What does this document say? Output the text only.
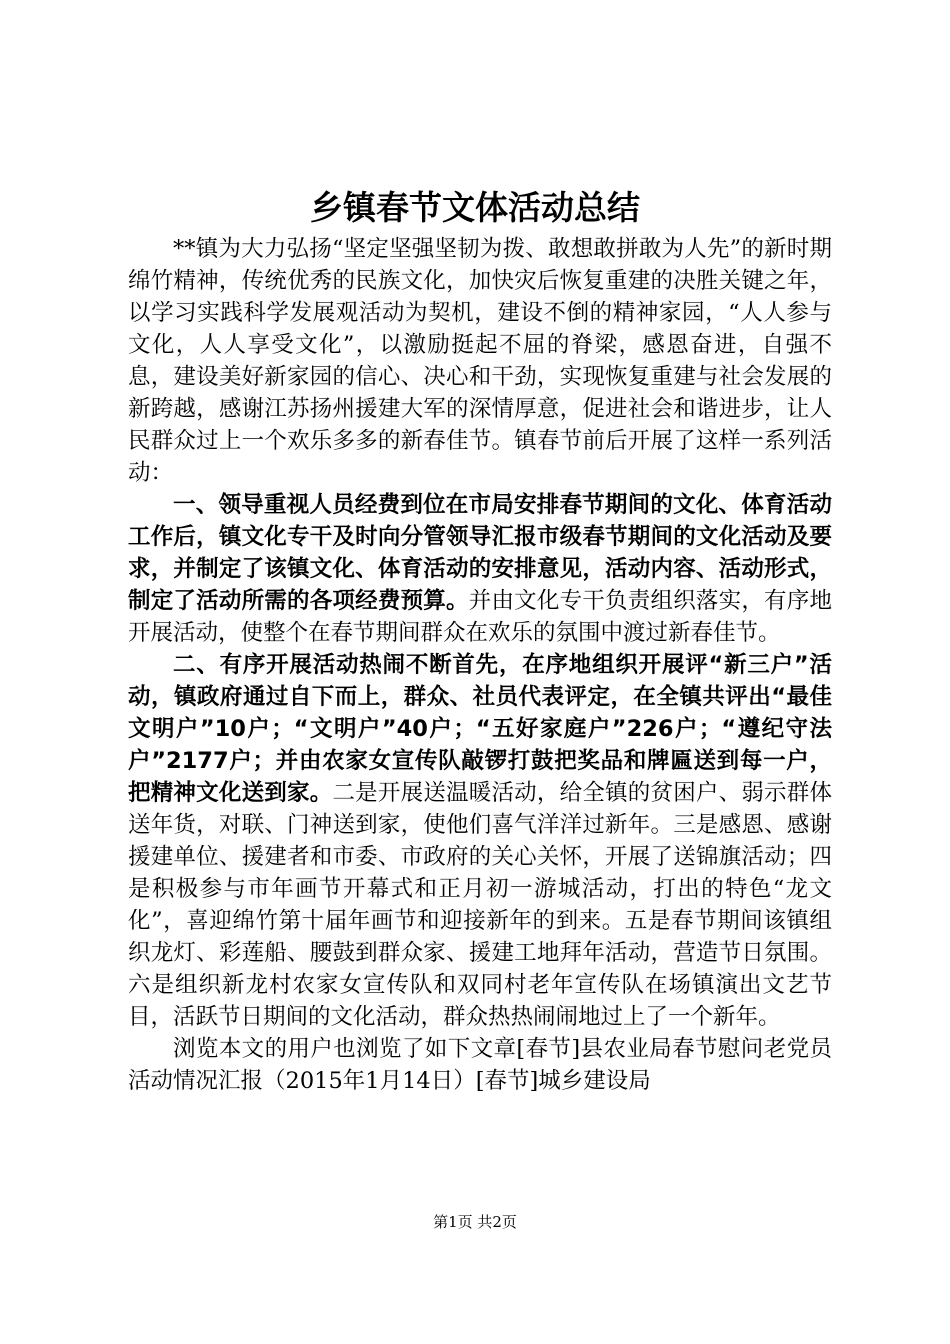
乡镇春节文体活动总结

**镇为大力弘扬“坚定坚强坚韧为拨、敢想敢拼敢为人先”的新时期绵竹精神，传统优秀的民族文化，加快灾后恢复重建的决胜关键之年，以学习实践科学发展观活动为契机，建设不倒的精神家园，“人人参与文化，人人享受文化”，以激励挺起不屈的脊梁，感恩奋进，自强不息，建设美好新家园的信心、决心和干劲，实现恢复重建与社会发展的新跨越，感谢江苏扬州援建大军的深情厚意，促进社会和谐进步，让人民群众过上一个欢乐多多的新春佳节。镇春节前后开展了这样一系列活动：

一、领导重视人员经费到位在市局安排春节期间的文化、体育活动工作后，镇文化专干及时向分管领导汇报市级春节期间的文化活动及要求，并制定了该镇文化、体育活动的安排意见，活动内容、活动形式，制定了活动所需的各项经费预算。并由文化专干负责组织落实，有序地开展活动，使整个在春节期间群众在欢乐的氛围中渡过新春佳节。

二、有序开展活动热闹不断首先，在序地组织开展评“新三户”活动，镇政府通过自下而上，群众、社员代表评定，在全镇共评出“最佳文明户”10户；“文明户”40户；“五好家庭户”226户；“遵纪守法户”2177户；并由农家女宣传队敲锣打鼓把奖品和牌匾送到每一户，把精神文化送到家。二是开展送温暖活动，给全镇的贫困户、弱示群体送年货，对联、门神送到家，使他们喜气洋洋过新年。三是感恩、感谢援建单位、援建者和市委、市政府的关心关怀，开展了送锦旗活动；四是积极参与市年画节开幕式和正月初一游城活动，打出的特色“龙文化”，喜迎绵竹第十届年画节和迎接新年的到来。五是春节期间该镇组织龙灯、彩莲船、腰鼓到群众家、援建工地拜年活动，营造节日氛围。六是组织新龙村农家女宣传队和双同村老年宣传队在场镇演出文艺节目，活跃节日期间的文化活动，群众热热闹闹地过上了一个新年。

浏览本文的用户也浏览了如下文章[春节]县农业局春节慰问老党员活动情况汇报（2015年1月14日）[春节]城乡建设局

第1页 共2页
